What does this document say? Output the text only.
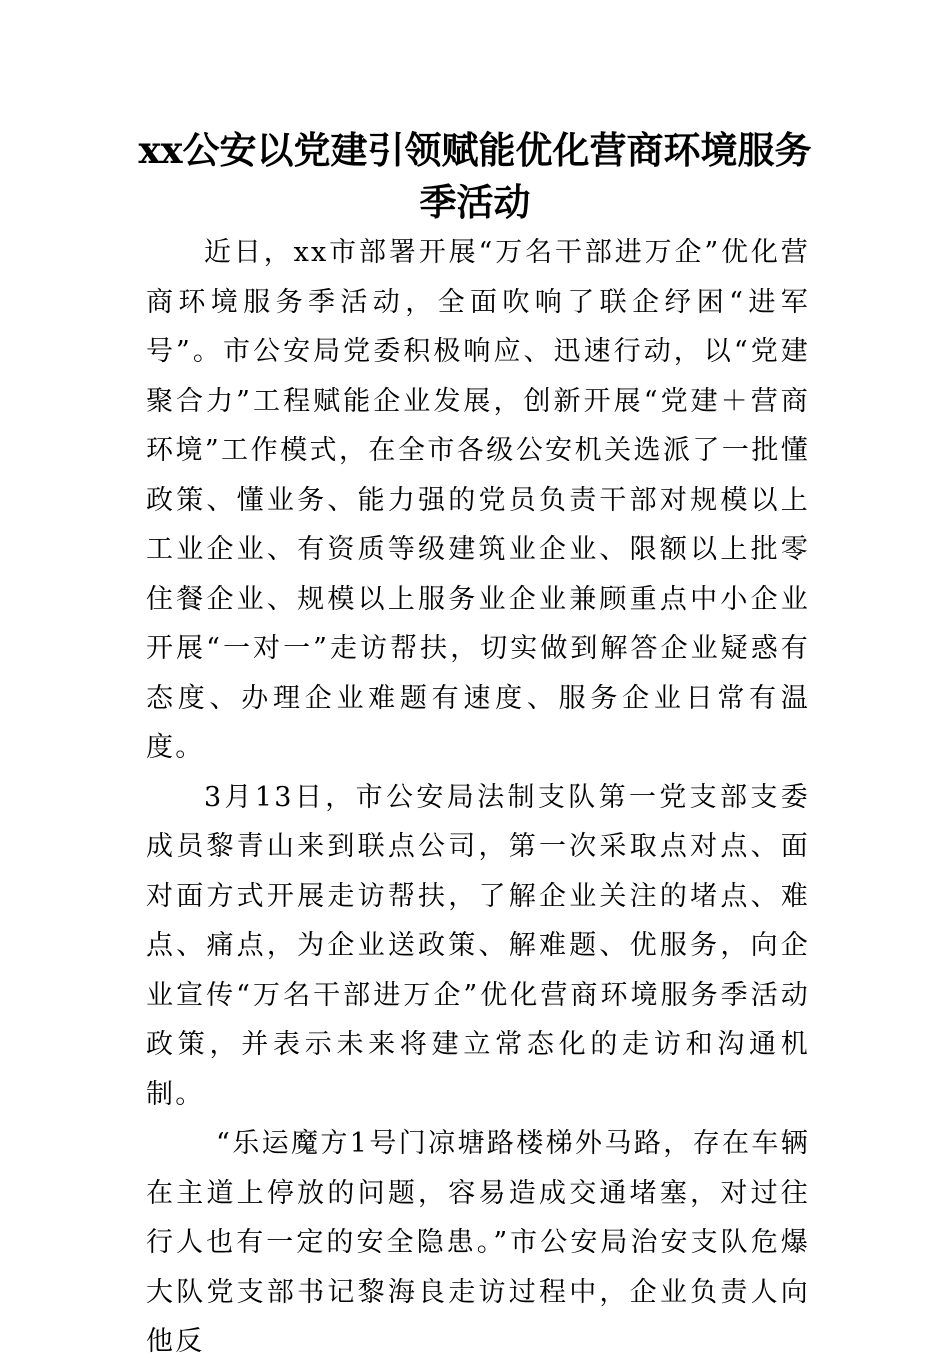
xx公安以党建引领赋能优化营商环境服务季活动

近日，xx市部署开展“万名干部进万企”优化营商环境服务季活动，全面吹响了联企纾困“进军号”。市公安局党委积极响应、迅速行动，以“党建聚合力”工程赋能企业发展，创新开展“党建＋营商环境”工作模式，在全市各级公安机关选派了一批懂政策、懂业务、能力强的党员负责干部对规模以上工业企业、有资质等级建筑业企业、限额以上批零住餐企业、规模以上服务业企业兼顾重点中小企业开展“一对一”走访帮扶，切实做到解答企业疑惑有态度、办理企业难题有速度、服务企业日常有温度。

3月13日，市公安局法制支队第一党支部支委成员黎青山来到联点公司，第一次采取点对点、面对面方式开展走访帮扶，了解企业关注的堵点、难点、痛点，为企业送政策、解难题、优服务，向企业宣传“万名干部进万企”优化营商环境服务季活动政策，并表示未来将建立常态化的走访和沟通机制。

“乐运魔方1号门凉塘路楼梯外马路，存在车辆在主道上停放的问题，容易造成交通堵塞，对过往行人也有一定的安全隐患。”市公安局治安支队危爆大队党支部书记黎海良走访过程中，企业负责人向他反
